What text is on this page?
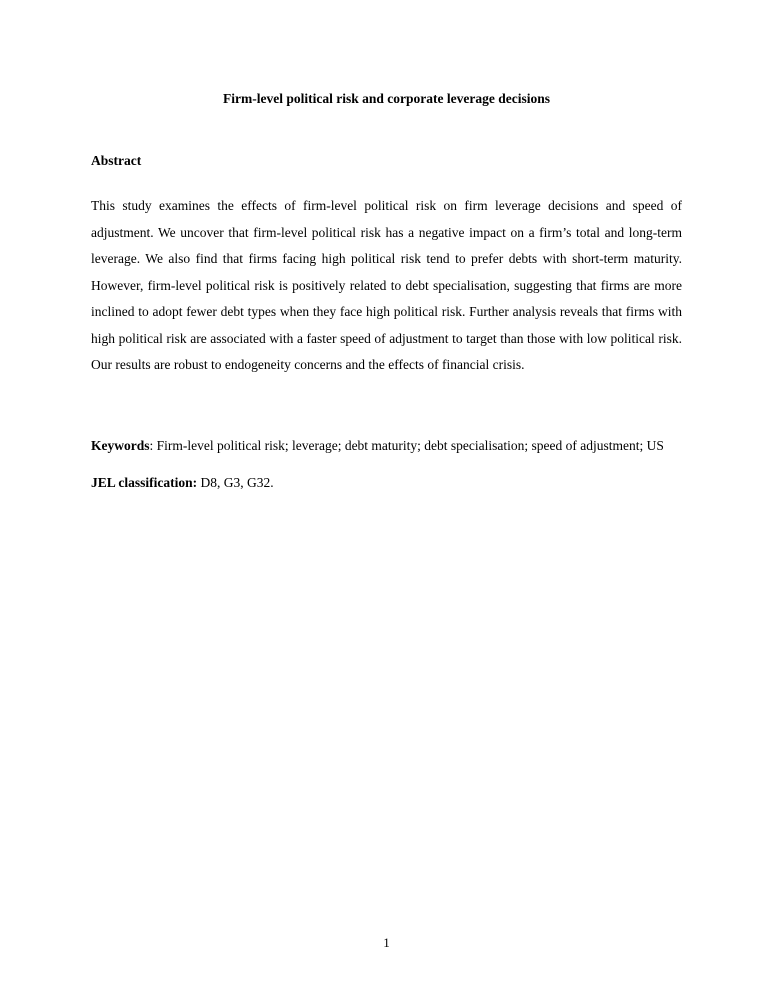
Firm-level political risk and corporate leverage decisions
Abstract
This study examines the effects of firm-level political risk on firm leverage decisions and speed of adjustment. We uncover that firm-level political risk has a negative impact on a firm’s total and long-term leverage. We also find that firms facing high political risk tend to prefer debts with short-term maturity. However, firm-level political risk is positively related to debt specialisation, suggesting that firms are more inclined to adopt fewer debt types when they face high political risk. Further analysis reveals that firms with high political risk are associated with a faster speed of adjustment to target than those with low political risk. Our results are robust to endogeneity concerns and the effects of financial crisis.
Keywords: Firm-level political risk; leverage; debt maturity; debt specialisation; speed of adjustment; US
JEL classification: D8, G3, G32.
1
